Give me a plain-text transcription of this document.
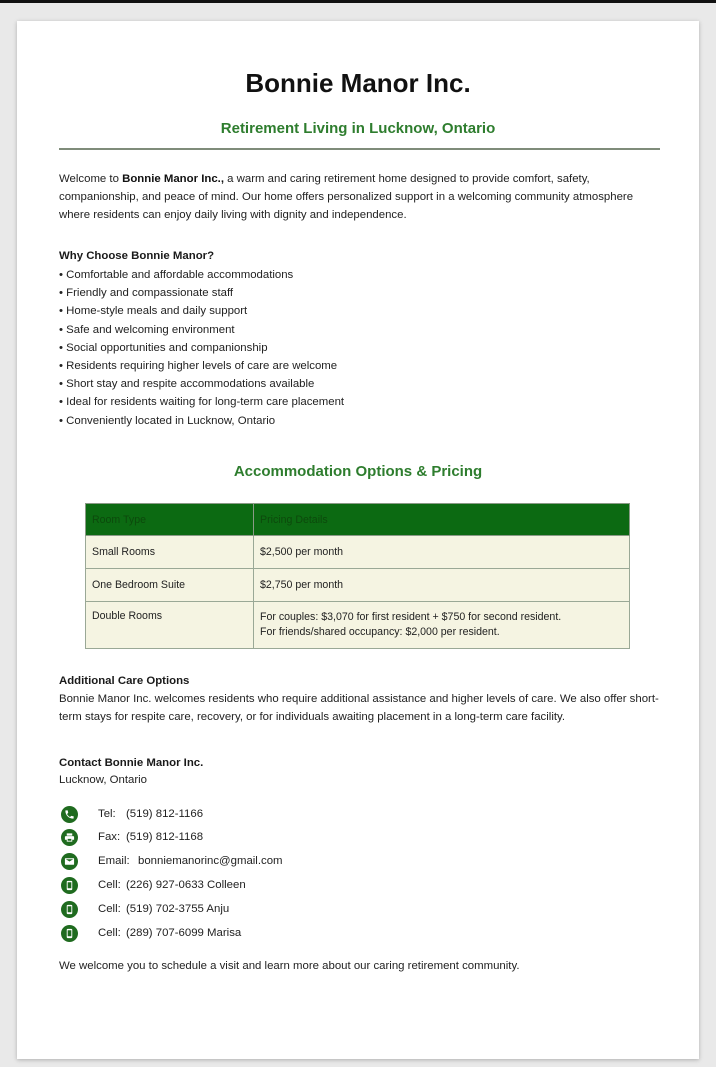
Bonnie Manor Inc.
Retirement Living in Lucknow, Ontario

Welcome to Bonnie Manor Inc., a warm and caring retirement home designed to provide comfort, safety, companionship, and peace of mind. Our home offers personalized support in a welcoming community atmosphere where residents can enjoy daily living with dignity and independence.

Why Choose Bonnie Manor?
• Comfortable and affordable accommodations
• Friendly and compassionate staff
• Home-style meals and daily support
• Safe and welcoming environment
• Social opportunities and companionship
• Residents requiring higher levels of care are welcome
• Short stay and respite accommodations available
• Ideal for residents waiting for long-term care placement
• Conveniently located in Lucknow, Ontario
Accommodation Options & Pricing
Room Type	Pricing Details
Small Rooms	$2,500 per month
One Bedroom Suite	$2,750 per month
Double Rooms	For couples: $3,070 for first resident + $750 for second resident.
For friends/shared occupancy: $2,000 per resident.
Additional Care Options

Bonnie Manor Inc. welcomes residents who require additional assistance and higher levels of care. We also offer short-term stays for respite care, recovery, or for individuals awaiting placement in a long-term care facility.

Contact Bonnie Manor Inc.
Lucknow, Ontario
Tel: (519) 812-1166
Fax: (519) 812-1168
Email: bonniemanorinc@gmail.com
Cell: (226) 927-0633 Colleen
Cell: (519) 702-3755 Anju
Cell: (289) 707-6099 Marisa
We welcome you to schedule a visit and learn more about our caring retirement community.
